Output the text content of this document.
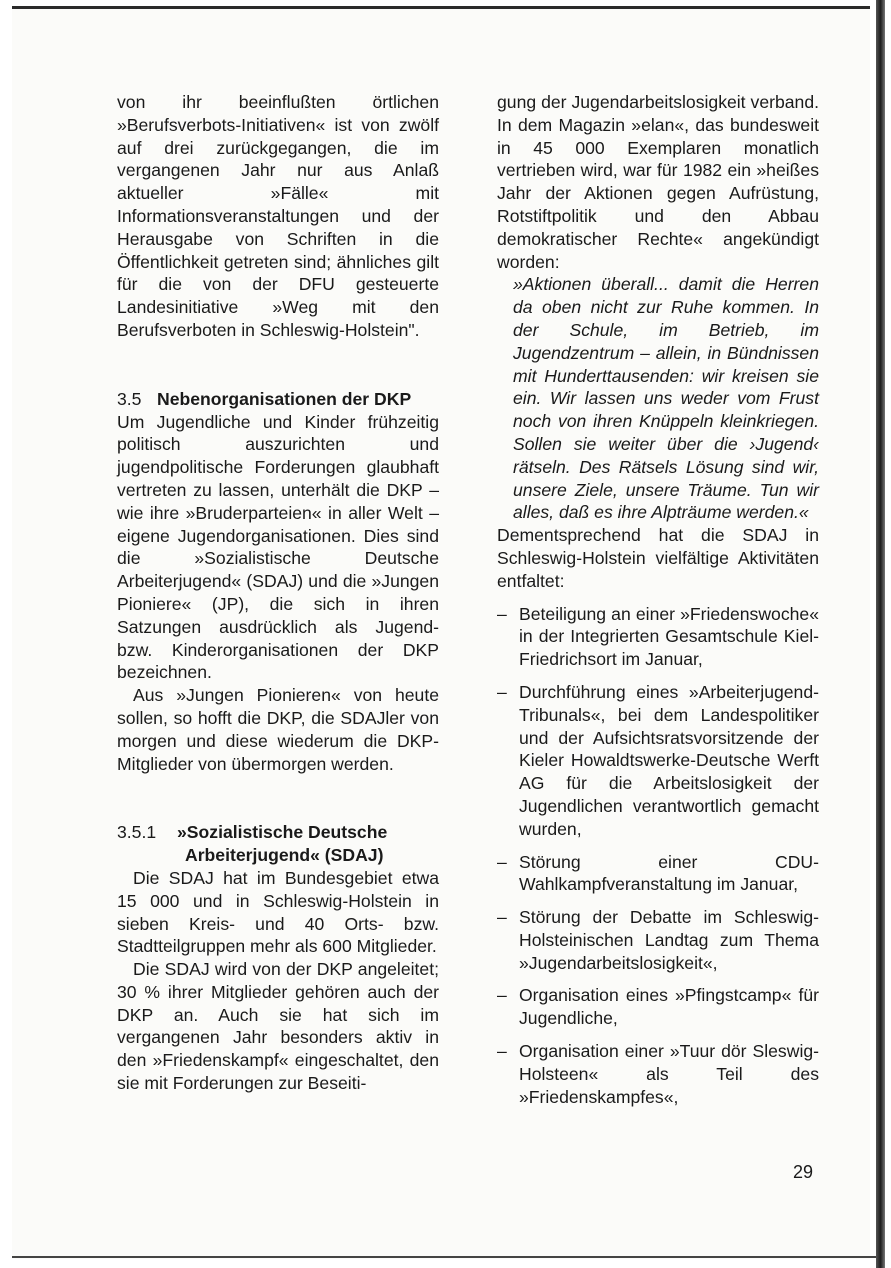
von ihr beeinflußten örtlichen »Berufsverbots-Initiativen« ist von zwölf auf drei zurückgegangen, die im vergangenen Jahr nur aus Anlaß aktueller »Fälle« mit Informationsveranstaltungen und der Herausgabe von Schriften in die Öffentlichkeit getreten sind; ähnliches gilt für die von der DFU gesteuerte Landesinitiative »Weg mit den Berufsverboten in Schleswig-Holstein".

3.5 Nebenorganisationen der DKP

Um Jugendliche und Kinder frühzeitig politisch auszurichten und jugendpolitische Forderungen glaubhaft vertreten zu lassen, unterhält die DKP – wie ihre »Bruderparteien« in aller Welt – eigene Jugendorganisationen. Dies sind die »Sozialistische Deutsche Arbeiterjugend« (SDAJ) und die »Jungen Pioniere« (JP), die sich in ihren Satzungen ausdrücklich als Jugend- bzw. Kinderorganisationen der DKP bezeichnen.

Aus »Jungen Pionieren« von heute sollen, so hofft die DKP, die SDAJler von morgen und diese wiederum die DKP-Mitglieder von übermorgen werden.

3.5.1 »Sozialistische Deutsche
Arbeiterjugend« (SDAJ)

Die SDAJ hat im Bundesgebiet etwa 15 000 und in Schleswig-Holstein in sieben Kreis- und 40 Orts- bzw. Stadtteilgruppen mehr als 600 Mitglieder.

Die SDAJ wird von der DKP angeleitet; 30 % ihrer Mitglieder gehören auch der DKP an. Auch sie hat sich im vergangenen Jahr besonders aktiv in den »Friedenskampf« eingeschaltet, den sie mit Forderungen zur Beseiti-

gung der Jugendarbeitslosigkeit verband. In dem Magazin »elan«, das bundesweit in 45 000 Exemplaren monatlich vertrieben wird, war für 1982 ein »heißes Jahr der Aktionen gegen Aufrüstung, Rotstiftpolitik und den Abbau demokratischer Rechte« angekündigt worden:

»Aktionen überall... damit die Herren da oben nicht zur Ruhe kommen. In der Schule, im Betrieb, im Jugendzentrum – allein, in Bündnissen mit Hunderttausenden: wir kreisen sie ein. Wir lassen uns weder vom Frust noch von ihren Knüppeln kleinkriegen. Sollen sie weiter über die ›Jugend‹ rätseln. Des Rätsels Lösung sind wir, unsere Ziele, unsere Träume. Tun wir alles, daß es ihre Alpträume werden.«

Dementsprechend hat die SDAJ in Schleswig-Holstein vielfältige Aktivitäten entfaltet:

– Beteiligung an einer »Friedenswoche« in der Integrierten Gesamtschule Kiel-Friedrichsort im Januar,
– Durchführung eines »Arbeiterjugend-Tribunals«, bei dem Landespolitiker und der Aufsichtsratsvorsitzende der Kieler Howaldtswerke-Deutsche Werft AG für die Arbeitslosigkeit der Jugendlichen verantwortlich gemacht wurden,
– Störung einer CDU-Wahlkampfveranstaltung im Januar,
– Störung der Debatte im Schleswig-Holsteinischen Landtag zum Thema »Jugendarbeitslosigkeit«,
– Organisation eines »Pfingstcamp« für Jugendliche,
– Organisation einer »Tuur dör Sleswig-Holsteen« als Teil des »Friedenskampfes«,
29
